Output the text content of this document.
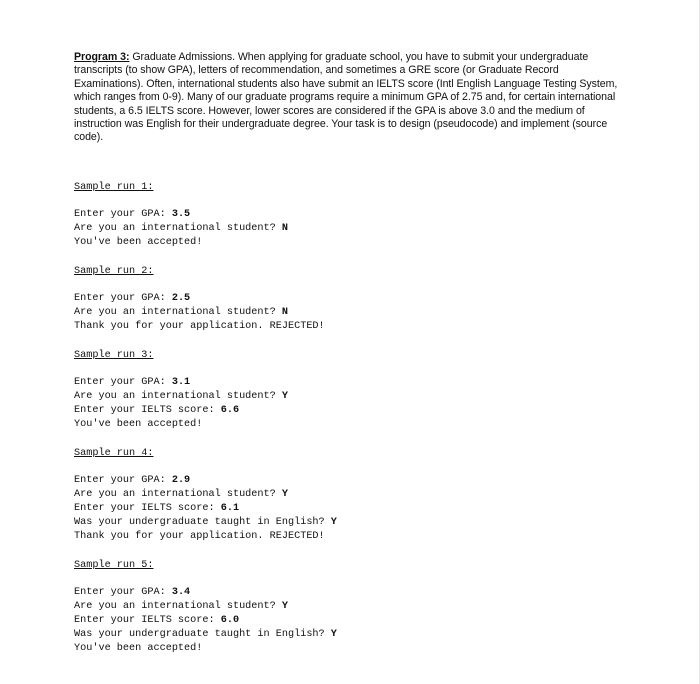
Program 3: Graduate Admissions. When applying for graduate school, you have to submit your undergraduate transcripts (to show GPA), letters of recommendation, and sometimes a GRE score (or Graduate Record Examinations). Often, international students also have submit an IELTS score (Intl English Language Testing System, which ranges from 0-9). Many of our graduate programs require a minimum GPA of 2.75 and, for certain international students, a 6.5 IELTS score. However, lower scores are considered if the GPA is above 3.0 and the medium of instruction was English for their undergraduate degree. Your task is to design (pseudocode) and implement (source code).

Sample run 1:
Enter your GPA: 3.5
Are you an international student? N
You've been accepted!
Sample run 2:
Enter your GPA: 2.5
Are you an international student? N
Thank you for your application. REJECTED!
Sample run 3:
Enter your GPA: 3.1
Are you an international student? Y
Enter your IELTS score: 6.6
You've been accepted!
Sample run 4:
Enter your GPA: 2.9
Are you an international student? Y
Enter your IELTS score: 6.1
Was your undergraduate taught in English? Y
Thank you for your application. REJECTED!
Sample run 5:
Enter your GPA: 3.4
Are you an international student? Y
Enter your IELTS score: 6.0
Was your undergraduate taught in English? Y
You've been accepted!
